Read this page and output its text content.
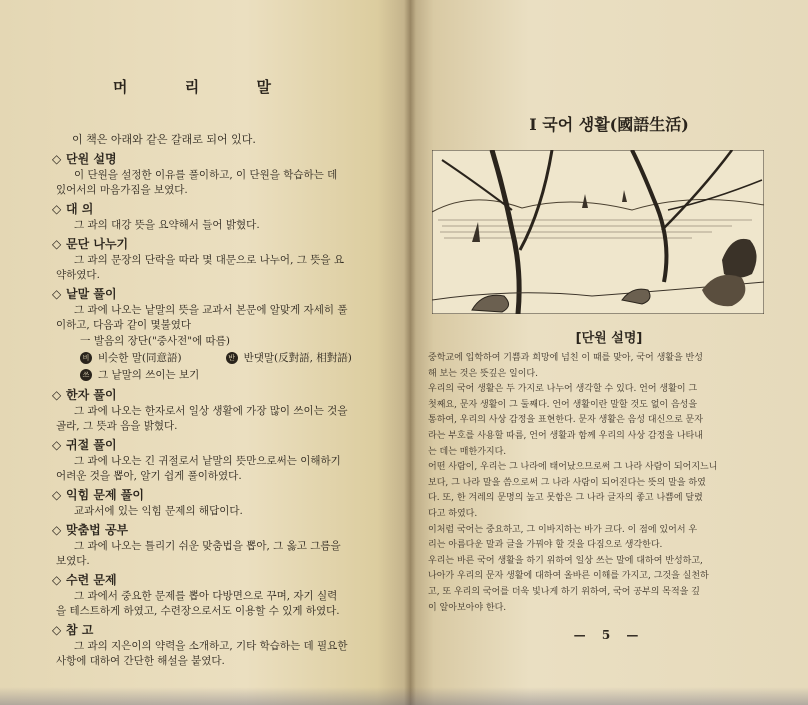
머 리 말
이 책은 아래와 같은 갈래로 되어 있다.
◇ 단원 설명
이 단원을 설정한 이유를 풀이하고, 이 단원을 학습하는 데
있어서의 마음가짐을 보였다.
◇ 대 의
그 과의 대강 뜻을 요약해서 들어 밝혔다.
◇ 문단 나누기
그 과의 문장의 단락을 따라 몇 대문으로 나누어, 그 뜻을 요
약하였다.
◇ 낱말 풀이
그 과에 나오는 낱말의 뜻을 교과서 본문에 알맞게 자세히 풀
이하고, 다음과 같이 몇불였다
一 발음의 장단("중사전"에 따름)
비 비슷한 말(同意語)	반 반댓말(反對語, 相對語)
쓰 그 낱말의 쓰이는 보기
◇ 한자 풀이
그 과에 나오는 한자로서 일상 생활에 가장 많이 쓰이는 것을
골라, 그 뜻과 음을 밝혔다.
◇ 귀절 풀이
그 과에 나오는 긴 귀절로서 낱말의 뜻만으로써는 이해하기
어려운 것을 뽑아, 알기 쉽게 풀이하였다.
◇ 익힘 문제 풀이
교과서에 있는 익힘 문제의 해답이다.
◇ 맞춤법 공부
그 과에 나오는 틀리기 쉬운 맞춤법을 뽑아, 그 옳고 그름을
보였다.
◇ 수련 문제
그 과에서 중요한 문제를 뽑아 다방면으로 꾸며, 자기 실력
을 테스트하게 하였고, 수련장으로서도 이용할 수 있게 하였다.
◇ 참 고
그 과의 지은이의 약력을 소개하고, 기타 학습하는 데 필요한
사항에 대하여 간단한 해설을 붙였다.
Ⅰ 국어 생활(國語生活)
[단원 설명]
중학교에 입학하여 기쁨과 희망에 넘친 이 때를 맞아, 국어 생활을 반성
해 보는 것은 뜻깊은 일이다.
우리의 국어 생활은 두 가지로 나누어 생각할 수 있다. 언어 생활이 그
첫째요, 문자 생활이 그 둘째다. 언어 생활이란 말할 것도 없이 음성을
통하여, 우리의 사상 감정을 표현한다. 문자 생활은 음성 대신으로 문자
라는 부호를 사용할 따름, 언어 생활과 함께 우리의 사상 감정을 나타내
는 데는 매한가지다.
어떤 사람이, 우리는 그 나라에 태어났으므로써 그 나라 사람이 되어지느니
보다, 그 나라 말을 씀으로써 그 나라 사람이 되어진다는 뜻의 말을 하였
다. 또, 한 겨레의 문명의 높고 못함은 그 나라 글자의 좋고 나쁨에 달렸
다고 하였다.
이처럼 국어는 중요하고, 그 이바지하는 바가 크다. 이 점에 있어서 우
리는 아름다운 말과 글을 가꿔야 할 것을 다짐으로 생각한다.
우리는 바른 국어 생활을 하기 위하여 일상 쓰는 말에 대하여 반성하고,
나아가 우리의 문자 생활에 대하여 올바른 이해를 가지고, 그것을 실천하
고, 또 우리의 국어를 더욱 빛나게 하기 위하여, 국어 공부의 목적을 깊
이 알아보아야 한다.
— 5 —
